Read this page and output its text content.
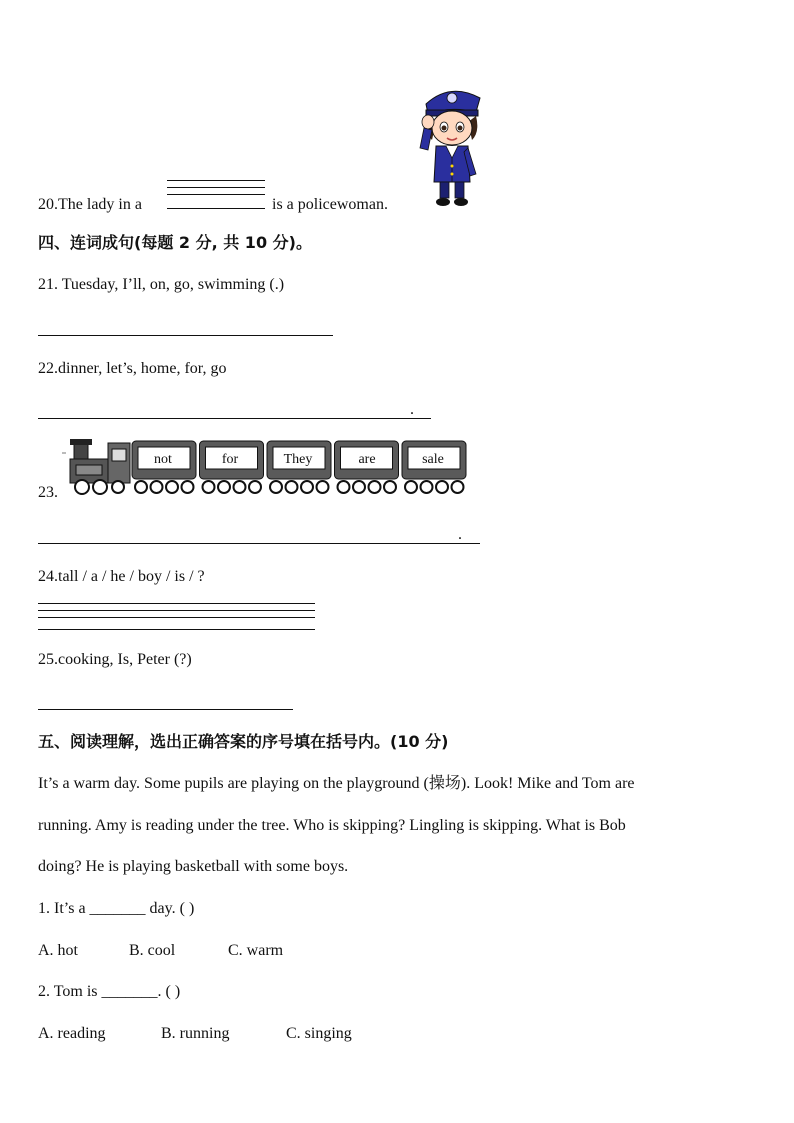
20.The lady in a	is a policewoman.
四、连词成句(每题 2 分, 共 10 分)。
21. Tuesday, I’ll, on, go, swimming (.)
22.dinner, let’s, home, for, go
.
23.
not	for	They	are	sale
.
24.tall / a / he / boy / is / ?
25.cooking, Is, Peter (?)
五、阅读理解，选出正确答案的序号填在括号内。(10 分)
It’s a warm day. Some pupils are playing on the playground (操场). Look! Mike and Tom are
running. Amy is reading under the tree. Who is skipping? Lingling is skipping. What is Bob
doing? He is playing basketball with some boys.
1. It’s a _______ day. ( )
A. hot	B. cool	C. warm
2. Tom is _______. ( )
A. reading	B. running	C. singing
